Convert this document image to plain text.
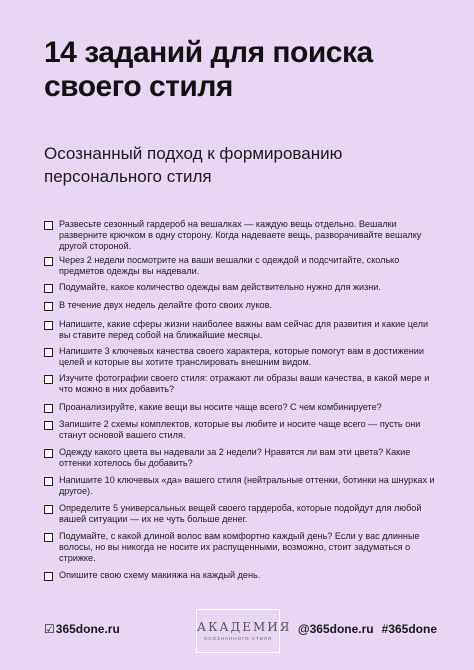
14 заданий для поиска своего стиля
Осознанный подход к формированию персонального стиля
Развесьте сезонный гардероб на вешалках — каждую вещь отдельно. Вешалки разверните крючком в одну сторону. Когда надеваете вещь, разворачивайте вешалку другой стороной.
Через 2 недели посмотрите на ваши вешалки с одеждой и подсчитайте, сколько предметов одежды вы надевали.
Подумайте, какое количество одежды вам действительно нужно для жизни.
В течение двух недель делайте фото своих луков.
Напишите, какие сферы жизни наиболее важны вам сейчас для развития и какие цели вы ставите перед собой на ближайшие месяцы.
Напишите 3 ключевых качества своего характера, которые помогут вам в достижении целей и которые вы хотите транслировать внешним видом.
Изучите фотографии своего стиля: отражают ли образы ваши качества, в какой мере и что можно в них добавить?
Проанализируйте, какие вещи вы носите чаще всего? С чем комбинируете?
Запишите 2 схемы комплектов, которые вы любите и носите чаще всего — пусть они станут основой вашего стиля.
Одежду какого цвета вы надевали за 2 недели? Нравятся ли вам эти цвета? Какие оттенки хотелось бы добавить?
Напишите 10 ключевых «да» вашего стиля (нейтральные оттенки, ботинки на шнурках и другое).
Определите 5 универсальных вещей своего гардероба, которые подойдут для любой вашей ситуации — их не чуть больше денег.
Подумайте, с какой длиной волос вам комфортно каждый день? Если у вас длинные волосы, но вы никогда не носите их распущенными, возможно, стоит задуматься о стрижке.
Опишите свою схему макияжа на каждый день.
☑ 365done.ru	АКАДЕМИЯ
ОСОЗНАННОГО СТИЛЯ
@365done.ru #365done
